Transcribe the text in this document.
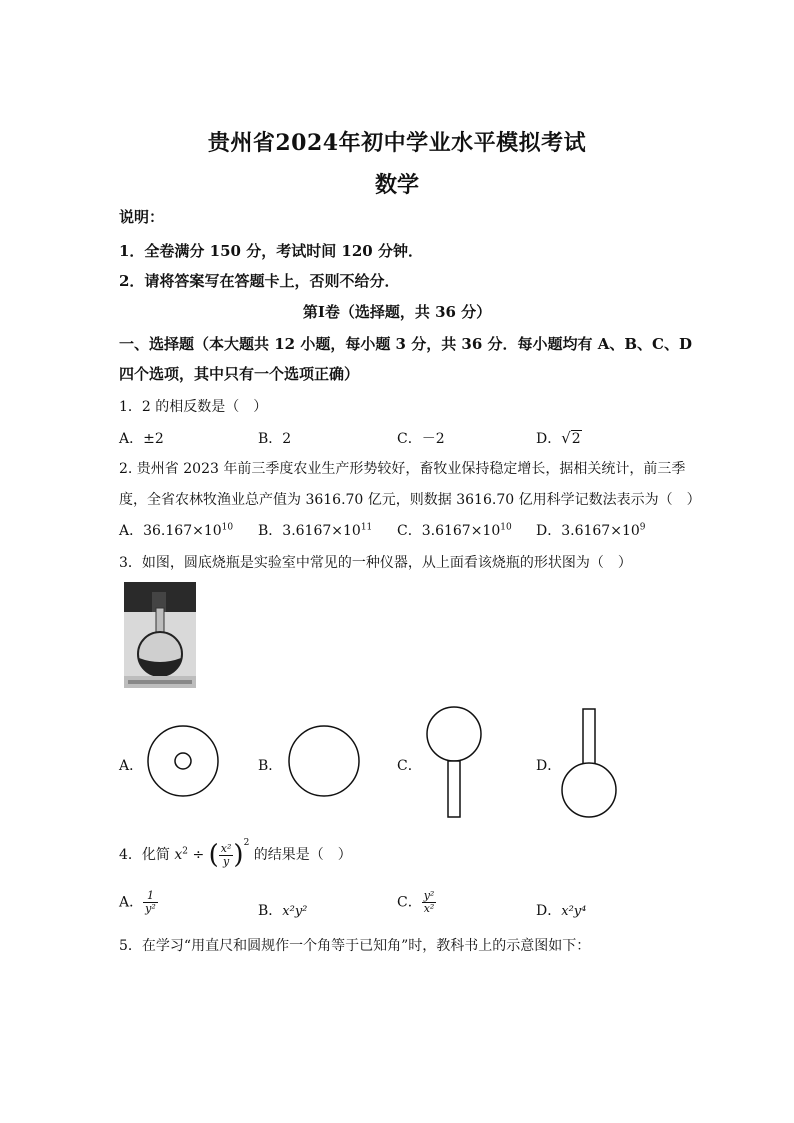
贵州省2024年初中学业水平模拟考试
数学
说明：
1．全卷满分 150 分，考试时间 120 分钟．
2．请将答案写在答题卡上，否则不给分．
第Ⅰ卷（选择题，共 36 分）
一、选择题（本大题共 12 小题，每小题 3 分，共 36 分．每小题均有 A、B、C、D
四个选项，其中只有一个选项正确）
1．2 的相反数是（　）
A．±2	B．2	C．－2	D．√2
2. 贵州省 2023 年前三季度农业生产形势较好，畜牧业保持稳定增长，据相关统计，前三季
度，全省农林牧渔业总产值为 3616.70 亿元，则数据 3616.70 亿用科学记数法表示为（　）
A．$36.167\times 10^{10}$ B．$3.6167\times 10^{11}$ C．$3.6167\times 10^{10}$ D．$3.6167\times 10^9$
3．如图，圆底烧瓶是实验室中常见的一种仪器，从上面看该烧瓶的形状图为（　）
A．	B．	C．	D．
4．化简 $x^2$ ÷ ( $\frac{\text{x²}}{y} )^2$ 的结果是（　）
A． $\frac{1}{\text{y²}}$	B．x²y²
C． $\frac{\text{y²}}{\text{x²}}$	D．x²y⁴
5．在学习“用直尺和圆规作一个角等于已知角”时，教科书上的示意图如下：
